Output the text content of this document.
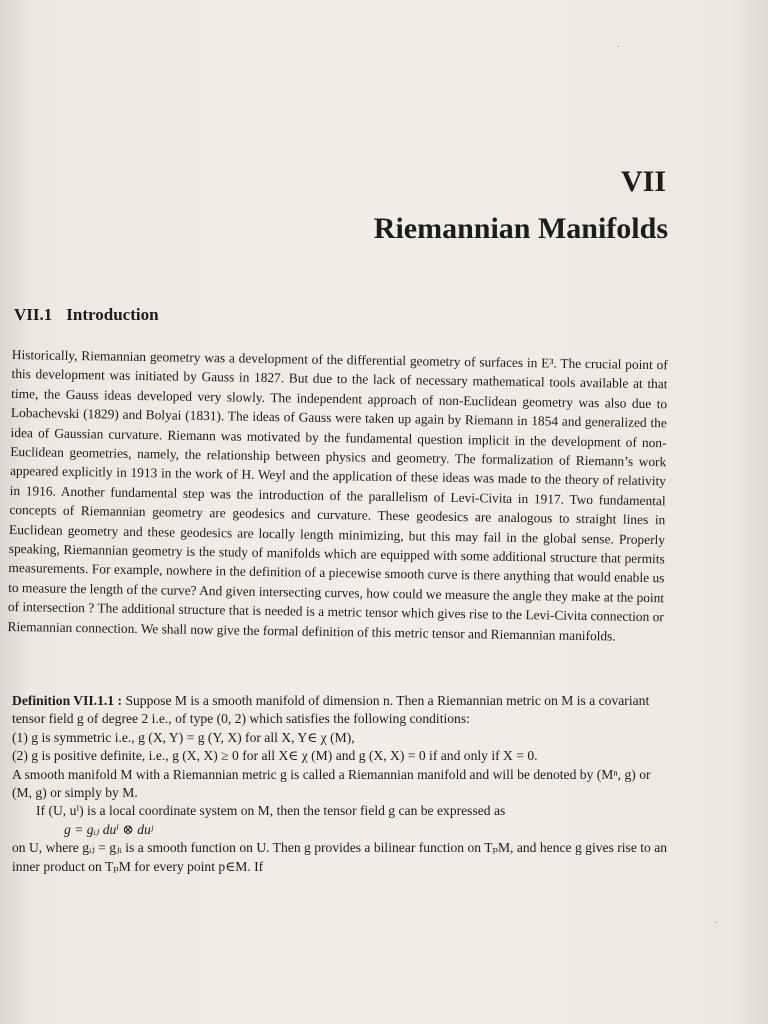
·
VII
Riemannian Manifolds
VII.1 Introduction

Historically, Riemannian geometry was a development of the differential geometry of surfaces in E³. The crucial point of this development was initiated by Gauss in 1827. But due to the lack of necessary mathematical tools available at that time, the Gauss ideas developed very slowly. The independent approach of non-Euclidean geometry was also due to Lobachevski (1829) and Bolyai (1831). The ideas of Gauss were taken up again by Riemann in 1854 and generalized the idea of Gaussian curvature. Riemann was motivated by the fundamental question implicit in the development of non-Euclidean geometries, namely, the relationship between physics and geometry. The formalization of Riemann’s work appeared explicitly in 1913 in the work of H. Weyl and the application of these ideas was made to the theory of relativity in 1916. Another fundamental step was the introduction of the parallelism of Levi-Civita in 1917. Two fundamental concepts of Riemannian geometry are geodesics and curvature. These geodesics are analogous to straight lines in Euclidean geometry and these geodesics are locally length minimizing, but this may fail in the global sense. Properly speaking, Riemannian geometry is the study of manifolds which are equipped with some additional structure that permits measurements. For example, nowhere in the definition of a piecewise smooth curve is there anything that would enable us to measure the length of the curve? And given intersecting curves, how could we measure the angle they make at the point of intersection ? The additional structure that is needed is a metric tensor which gives rise to the Levi-Civita connection or Riemannian connection. We shall now give the formal definition of this metric tensor and Riemannian manifolds.

Definition VII.1.1 : Suppose M is a smooth manifold of dimension n. Then a Riemannian metric on M is a covariant tensor field g of degree 2 i.e., of type (0, 2) which satisfies the following conditions:
(1) g is symmetric i.e., g (X, Y) = g (Y, X) for all X, Y∈ χ (M),
(2) g is positive definite, i.e., g (X, X) ≥ 0 for all X∈ χ (M) and g (X, X) = 0 if and only if X = 0.
A smooth manifold M with a Riemannian metric g is called a Riemannian manifold and will be denoted by (Mⁿ, g) or (M, g) or simply by M.
If (U, uⁱ) is a local coordinate system on M, then the tensor field g can be expressed as
g = gᵢⱼ duⁱ ⊗ duʲ
on U, where gᵢⱼ = gⱼᵢ is a smooth function on U. Then g provides a bilinear function on TₚM, and hence g gives rise to an inner product on TₚM for every point p∈M. If
·
